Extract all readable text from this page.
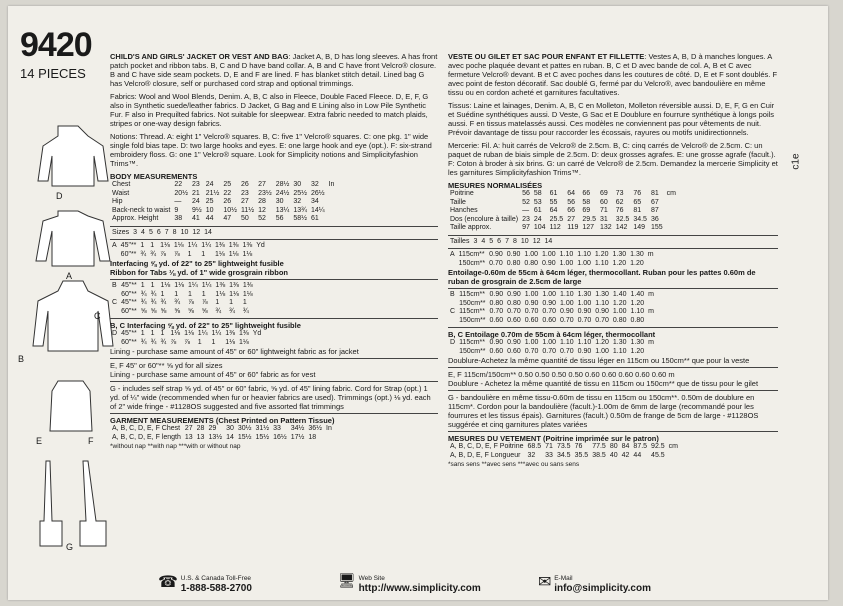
9420
14 PIECES
D
A
C
B
E	F
G

CHILD'S AND GIRLS' JACKET OR VEST AND BAG: Jacket A, B, D has long sleeves. A has front patch pocket and ribbon tabs. B, C and D have band collar. A, B and C have front Velcro® closure. B and C have side seam pockets. D, E and F are lined. F has blanket stitch detail. Lined bag G has Velcro® closure, self or purchased cord strap and optional trimmings.

Fabrics: Wool and Wool Blends, Denim. A, B, C also in Fleece, Double Faced Fleece. D, E, F, G also in Synthetic suede/leather fabrics. D Jacket, G Bag and E Lining also in Low Pile Synthetic Fur. F also in Prequilted fabrics. Not suitable for sleepwear. Extra fabric needed to match plaids, stripes or one-way design fabrics.

Notions: Thread. A: eight 1" Velcro® squares. B, C: five 1" Velcro® squares. C: one pkg. 1" wide single fold bias tape. D: two large hooks and eyes. E: one large hook and eye (opt.). F: six-strand embroidery floss. G: one 1" Velcro® square. Look for Simplicity notions and Simplicityfashion Trims™.

BODY MEASUREMENTS
Chest	22	23	24	25	26	27	28½	30	32	In
Waist	20½	21	21½	22	23	23½	24½	25½	26½	
Hip	—	24	25	26	27	28	30	32	34	
Back-neck to waist	9	9½	10	10½	11½	12	13¼	13¾	14¼	
Approx. Height	38	41	44	47	50	52	56	58½	61	
Sizes	3	4	5	6	7	8	10	12	14
A	45"**	1	1	1⅛	1⅛	1¼	1¼	1⅜	1⅜	1⅜	Yd
	60"**	¾	¾	⅞	⅞	1	1	1⅛	1⅛	1⅛	
Interfacing ⅝ yd. of 22" to 25" lightweight fusible
Ribbon for Tabs ⅛ yd. of 1" wide grosgrain ribbon
B	45"**	1	1	1⅛	1⅛	1¼	1¼	1⅜	1⅜	1⅜	
	60"**	¾	¾	1	1	1	1	1⅛	1⅛	1⅛	
C	45"**	¾	¾	¾	¾	⅞	⅞	1	1	1	
	60"**	⅝	⅝	⅝	⅝	⅝	⅝	¾	¾	¾	
B, C Interfacing ⅝ yd. of 22" to 25" lightweight fusible
D	45"**	1	1	1	1⅛	1⅛	1¼	1¼	1⅜	1⅜	Yd
	60"**	¾	¾	¾	⅞	⅞	1	1	1⅛	1⅛	
Lining - purchase same amount of 45" or 60" lightweight fabric as for jacket
E, F 45" or 60"** ⅝ yd for all sizes
Lining - purchase same amount of 45" or 60" fabric as for vest
G - includes self strap ⅝ yd. of 45" or 60" fabric, ⅝ yd. of 45" lining fabric. Cord for Strap (opt.) 1 yd. of ¼" wide (recommended when fur or heavier fabrics are used). Trimmings (opt.) ⅛ yd. each of 2" wide fringe - #1128OS suggested and five assorted flat trimmings
GARMENT MEASUREMENTS (Chest Printed on Pattern Tissue)
A, B, C, D, E, F Chest	27	28	29	30	30½	31½	33	34½	36½	In
A, B, C, D, E, F length	13	13	13½	14	15½	15½	16½	17½	18	
*without nap **with nap ***with or without nap

VESTE OU GILET ET SAC POUR ENFANT ET FILLETTE: Vestes A, B, D à manches longues. A avec poche plaquée devant et pattes en ruban. B, C et D avec bande de col. A, B et C avec fermeture Velcro® devant. B et C avec poches dans les coutures de côté. D, E et F sont doublés. F avec point de feston décoratif. Sac doublé G, fermé par du Velcro®, avec bandoulière en même tissu ou en cordon acheté et garnitures facultatives.

Tissus: Laine et lainages, Denim. A, B, C en Molleton, Molleton réversible aussi. D, E, F, G en Cuir et Suédine synthétiques aussi. D Veste, G Sac et E Doublure en fourrure synthétique à longs poils aussi. F en tissus matelassés aussi. Ces modèles ne conviennent pas pour vêtements de nuit. Prévoir davantage de tissu pour raccorder les écossais, rayures ou motifs unidirectionnels.

Mercerie: Fil. A: huit carrés de Velcro® de 2.5cm. B, C: cinq carrés de Velcro® de 2.5cm. C: un paquet de ruban de biais simple de 2.5cm. D: deux grosses agrafes. E: une grosse agrafe (facult.). F: Coton à broder à six brins. G: un carré de Velcro® de 2.5cm. Demandez la mercerie Simplicity et les garnitures Simplicityfashion Trims™.

MESURES NORMALISÉES
Poitrine	56	58	61	64	66	69	73	76	81	cm
Taille	52	53	55	56	58	60	62	65	67	
Hanches	—	61	64	66	69	71	76	81	87	
Dos (encolure à taille)	23	24	25.5	27	29.5	31	32.5	34.5	36	
Taille approx.	97	104	112	119	127	132	142	149	155	
Tailles	3	4	5	6	7	8	10	12	14
A	115cm**	0.90	0.90	1.00	1.00	1.10	1.10	1.20	1.30	1.30	m
	150cm**	0.70	0.80	0.80	0.90	1.00	1.00	1.10	1.20	1.20	
Entoilage-0.60m de 55cm à 64cm léger, thermocollant. Ruban pour les pattes 0.60m de ruban de grosgrain de 2.5cm de large
B	115cm**	0.90	0.90	1.00	1.00	1.10	1.30	1.30	1.40	1.40	m
	150cm**	0.80	0.80	0.90	0.90	1.00	1.00	1.10	1.20	1.20	
C	115cm**	0.70	0.70	0.70	0.70	0.90	0.90	0.90	1.00	1.10	m
	150cm**	0.60	0.60	0.60	0.60	0.70	0.70	0.70	0.80	0.80	
B, C Entoilage 0.70m de 55cm à 64cm léger, thermocollant
D	115cm**	0.90	0.90	1.00	1.00	1.10	1.10	1.20	1.30	1.30	m
	150cm**	0.60	0.60	0.70	0.70	0.70	0.90	1.00	1.10	1.20	
Doublure-Achetez la même quantité de tissu léger en 115cm ou 150cm** que pour la veste
E, F 115cm/150cm** 0.50 0.50 0.50 0.50 0.60 0.60 0.60 0.60 0.60 m
Doublure - Achetez la même quantité de tissu en 115cm ou 150cm** que de tissu pour le gilet
G - bandoulière en même tissu-0.60m de tissu en 115cm ou 150cm**. 0.50m de doublure en 115cm*. Cordon pour la bandoulière (facult.)-1.00m de 6mm de large (recommandé pour les fourrures et les tissus épais). Garnitures (facult.) 0.50m de frange de 5cm de large - #1128OS suggérée et cinq garnitures plates variées
MESURES DU VETEMENT (Poitrine imprimée sur le patron)
A, B, C, D, E, F Poitrine	68.5	71	73.5	76	77.5	80	84	87.5	92.5	cm
A, B, D, E, F Longueur	32	33	34.5	35.5	38.5	40	42	44	45.5	
*sans sens **avec sens ***avec ou sans sens
c1e
☎ U.S. & Canada Toll-Free
1-888-588-2700
🖥 Web Site
http://www.simplicity.com	✉ E-Mail
info@simplicity.com
